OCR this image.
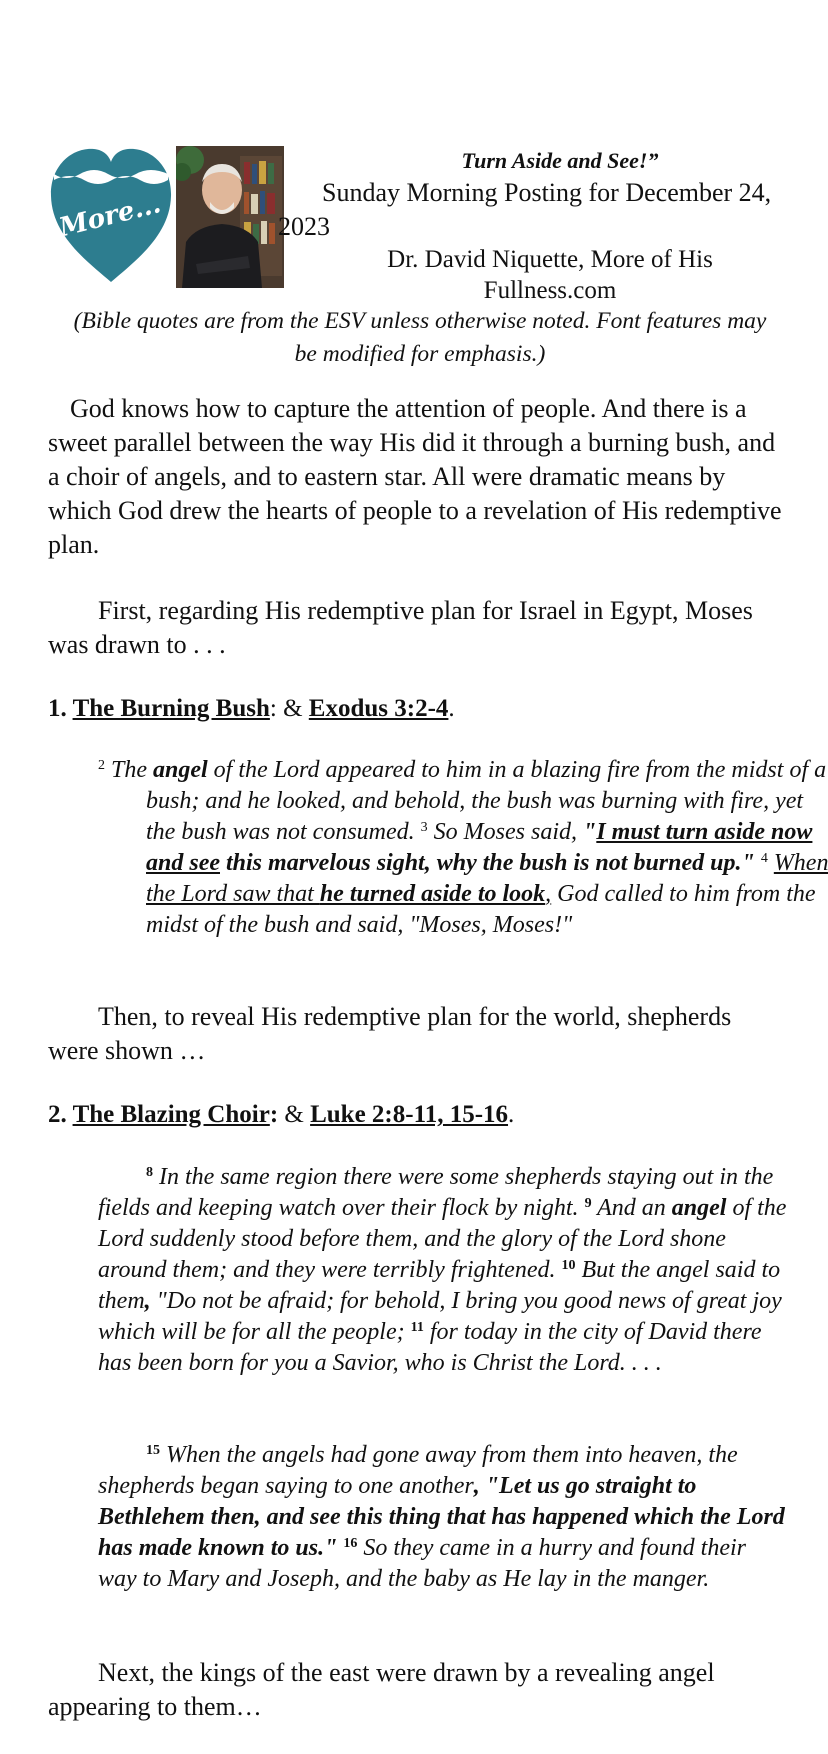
More...

Turn Aside and See!”

Sunday Morning Posting for December 24, 2023

Dr. David Niquette, More of His Fullness.com

(Bible quotes are from the ESV unless otherwise noted. Font features may be modified for emphasis.)

God knows how to capture the attention of people. And there is a sweet parallel between the way His did it through a burning bush, and a choir of angels, and to eastern star. All were dramatic means by which God drew the hearts of people to a revelation of His redemptive plan.

First, regarding His redemptive plan for Israel in Egypt, Moses was drawn to . . .

1. The Burning Bush: & Exodus 3:2-4.

$^2$ The angel of the Lord appeared to him in a blazing fire from the midst of a bush; and he looked, and behold, the bush was burning with fire, yet the bush was not consumed. $^3$ So Moses said, "I must turn aside now and see this marvelous sight, why the bush is not burned up." $^4$ When the Lord saw that he turned aside to look, God called to him from the midst of the bush and said, "Moses, Moses!"

Then, to reveal His redemptive plan for the world, shepherds were shown …

2. The Blazing Choir: & Luke 2:8-11, 15-16.

$^8$ In the same region there were some shepherds staying out in the fields and keeping watch over their flock by night. $^9$ And an angel of the Lord suddenly stood before them, and the glory of the Lord shone around them; and they were terribly frightened. $^{10}$ But the angel said to them, "Do not be afraid; for behold, I bring you good news of great joy which will be for all the people; $^{11}$ for today in the city of David there has been born for you a Savior, who is Christ the Lord. . . .

$^{15}$ When the angels had gone away from them into heaven, the shepherds began saying to one another, "Let us go straight to Bethlehem then, and see this thing that has happened which the Lord has made known to us." $^{16}$ So they came in a hurry and found their way to Mary and Joseph, and the baby as He lay in the manger.

Next, the kings of the east were drawn by a revealing angel appearing to them…
